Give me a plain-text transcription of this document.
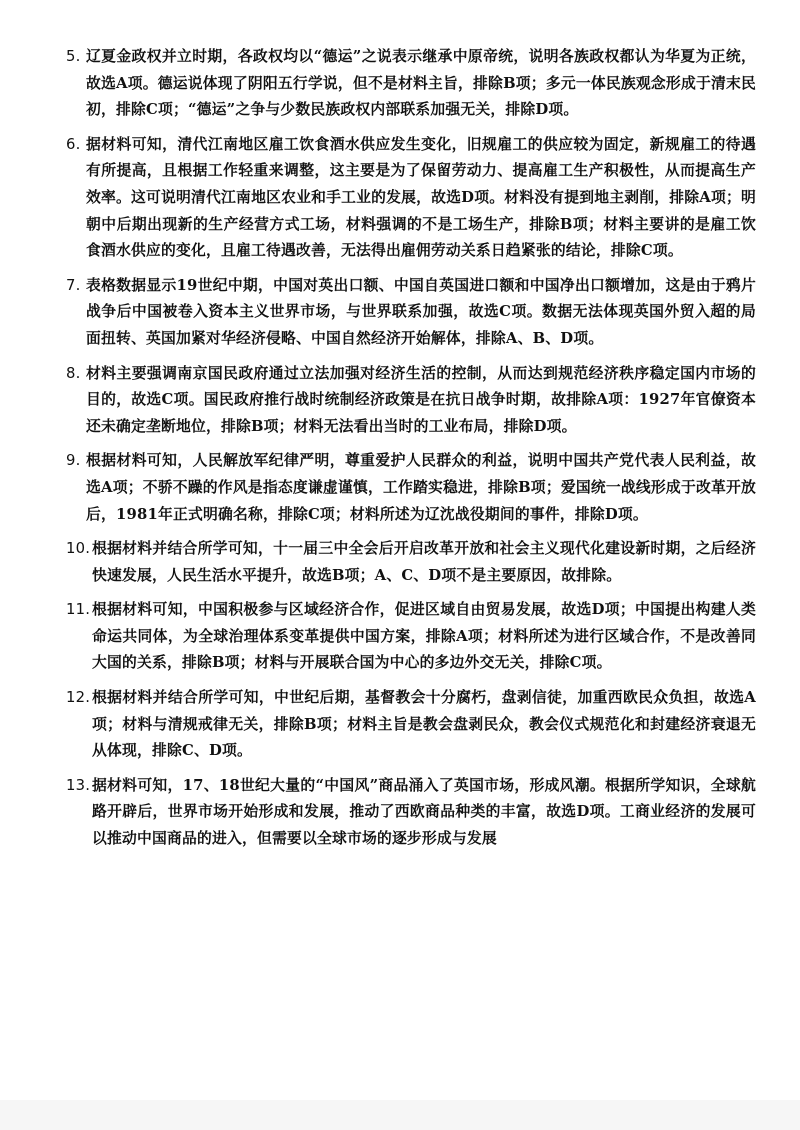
5. 辽夏金政权并立时期，各政权均以“德运”之说表示继承中原帝统，说明各族政权都认为华夏为正统，故选A项。德运说体现了阴阳五行学说，但不是材料主旨，排除B项；多元一体民族观念形成于清末民初，排除C项；“德运”之争与少数民族政权内部联系加强无关，排除D项。
6. 据材料可知，清代江南地区雇工饮食酒水供应发生变化，旧规雇工的供应较为固定，新规雇工的待遇有所提高，且根据工作轻重来调整，这主要是为了保留劳动力、提高雇工生产积极性，从而提高生产效率。这可说明清代江南地区农业和手工业的发展，故选D项。材料没有提到地主剥削，排除A项；明朝中后期出现新的生产经营方式工场，材料强调的不是工场生产，排除B项；材料主要讲的是雇工饮食酒水供应的变化，且雇工待遇改善，无法得出雇佣劳动关系日趋紧张的结论，排除C项。
7. 表格数据显示19世纪中期，中国对英出口额、中国自英国进口额和中国净出口额增加，这是由于鸦片战争后中国被卷入资本主义世界市场，与世界联系加强，故选C项。数据无法体现英国外贸入超的局面扭转、英国加紧对华经济侵略、中国自然经济开始解体，排除A、B、D项。
8. 材料主要强调南京国民政府通过立法加强对经济生活的控制，从而达到规范经济秩序稳定国内市场的目的，故选C项。国民政府推行战时统制经济政策是在抗日战争时期，故排除A项：1927年官僚资本还未确定垄断地位，排除B项；材料无法看出当时的工业布局，排除D项。
9. 根据材料可知，人民解放军纪律严明，尊重爱护人民群众的利益，说明中国共产党代表人民利益，故选A项；不骄不躁的作风是指态度谦虚谨慎，工作踏实稳进，排除B项；爱国统一战线形成于改革开放后，1981年正式明确名称，排除C项；材料所述为辽沈战役期间的事件，排除D项。
10. 根据材料并结合所学可知，十一届三中全会后开启改革开放和社会主义现代化建设新时期，之后经济快速发展，人民生活水平提升，故选B项；A、C、D项不是主要原因，故排除。
11. 根据材料可知，中国积极参与区域经济合作，促进区域自由贸易发展，故选D项；中国提出构建人类命运共同体，为全球治理体系变革提供中国方案，排除A项；材料所述为进行区域合作，不是改善同大国的关系，排除B项；材料与开展联合国为中心的多边外交无关，排除C项。
12. 根据材料并结合所学可知，中世纪后期，基督教会十分腐朽，盘剥信徒，加重西欧民众负担，故选A项；材料与清规戒律无关，排除B项；材料主旨是教会盘剥民众，教会仪式规范化和封建经济衰退无从体现，排除C、D项。
13. 据材料可知，17、18世纪大量的“中国风”商品涌入了英国市场，形成风潮。根据所学知识，全球航路开辟后，世界市场开始形成和发展，推动了西欧商品种类的丰富，故选D项。工商业经济的发展可以推动中国商品的进入，但需要以全球市场的逐步形成与发展
